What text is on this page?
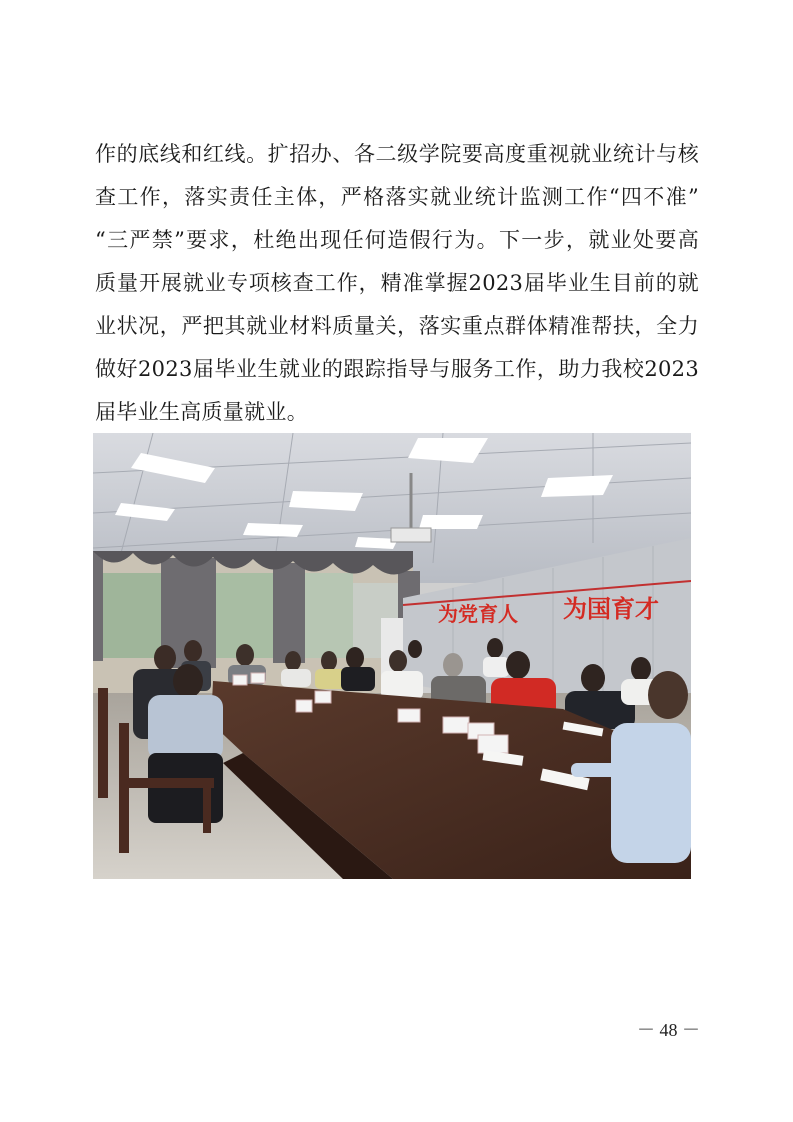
作的底线和红线。扩招办、各二级学院要高度重视就业统计与核
查工作，落实责任主体，严格落实就业统计监测工作“四不准”
“三严禁”要求，杜绝出现任何造假行为。下一步，就业处要高
质量开展就业专项核查工作，精准掌握2023届毕业生目前的就
业状况，严把其就业材料质量关，落实重点群体精准帮扶，全力
做好2023届毕业生就业的跟踪指导与服务工作，助力我校2023
届毕业生高质量就业。
为党育人 为国育才
－ 48 －
